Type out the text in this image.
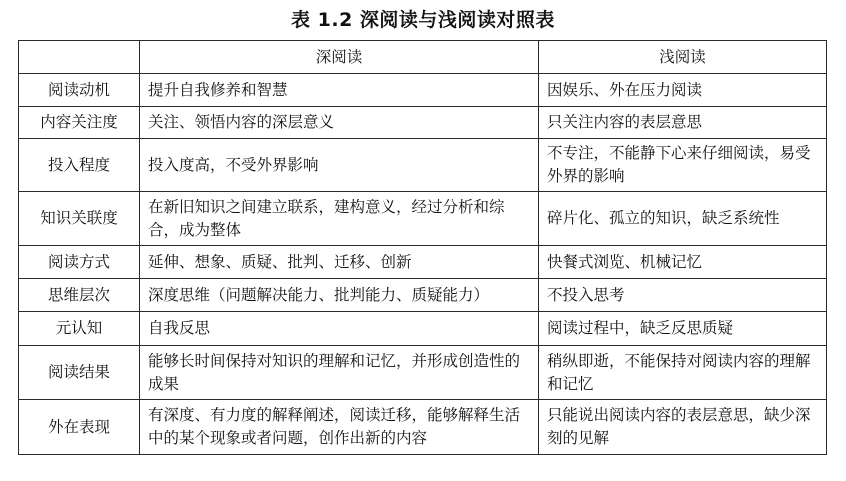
表 1.2 深阅读与浅阅读对照表
	深阅读	浅阅读
阅读动机	提升自我修养和智慧	因娱乐、外在压力阅读
内容关注度	关注、领悟内容的深层意义	只关注内容的表层意思
投入程度	投入度高，不受外界影响	不专注，不能静下心来仔细阅读，易受外界的影响
知识关联度	在新旧知识之间建立联系，建构意义，经过分析和综合，成为整体	碎片化、孤立的知识，缺乏系统性
阅读方式	延伸、想象、质疑、批判、迁移、创新	快餐式浏览、机械记忆
思维层次	深度思维（问题解决能力、批判能力、质疑能力）	不投入思考
元认知	自我反思	阅读过程中，缺乏反思质疑
阅读结果	能够长时间保持对知识的理解和记忆，并形成创造性的成果	稍纵即逝，不能保持对阅读内容的理解和记忆
外在表现	有深度、有力度的解释阐述，阅读迁移，能够解释生活中的某个现象或者问题，创作出新的内容	只能说出阅读内容的表层意思，缺少深刻的见解
